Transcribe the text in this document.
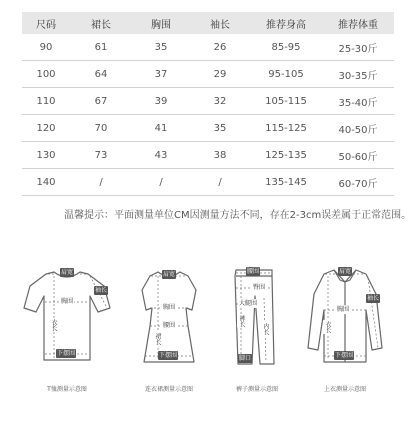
尺码	裙长	胸围	袖长	推荐身高	推荐体重
90	61	35	26	85-95	25-30斤
100	64	37	29	95-105	30-35斤
110	67	39	32	105-115	35-40斤
120	70	41	35	115-125	40-50斤
130	73	43	38	125-135	50-60斤
140	/	/	/	135-145	60-70斤
温馨提示：平面测量单位CM因测量方法不同，存在2-3cm误差属于正常范围。
肩宽
袖长
胸围
衣长
下摆围
T恤测量示意图
肩宽
胸围
腰围
裙长
下摆围
连衣裙测量示意图
腰围
臀围
裤长
大腿围
内长
脚口
裤子测量示意图
肩宽
袖长
胸围
衣长
下摆围
上衣测量示意图
